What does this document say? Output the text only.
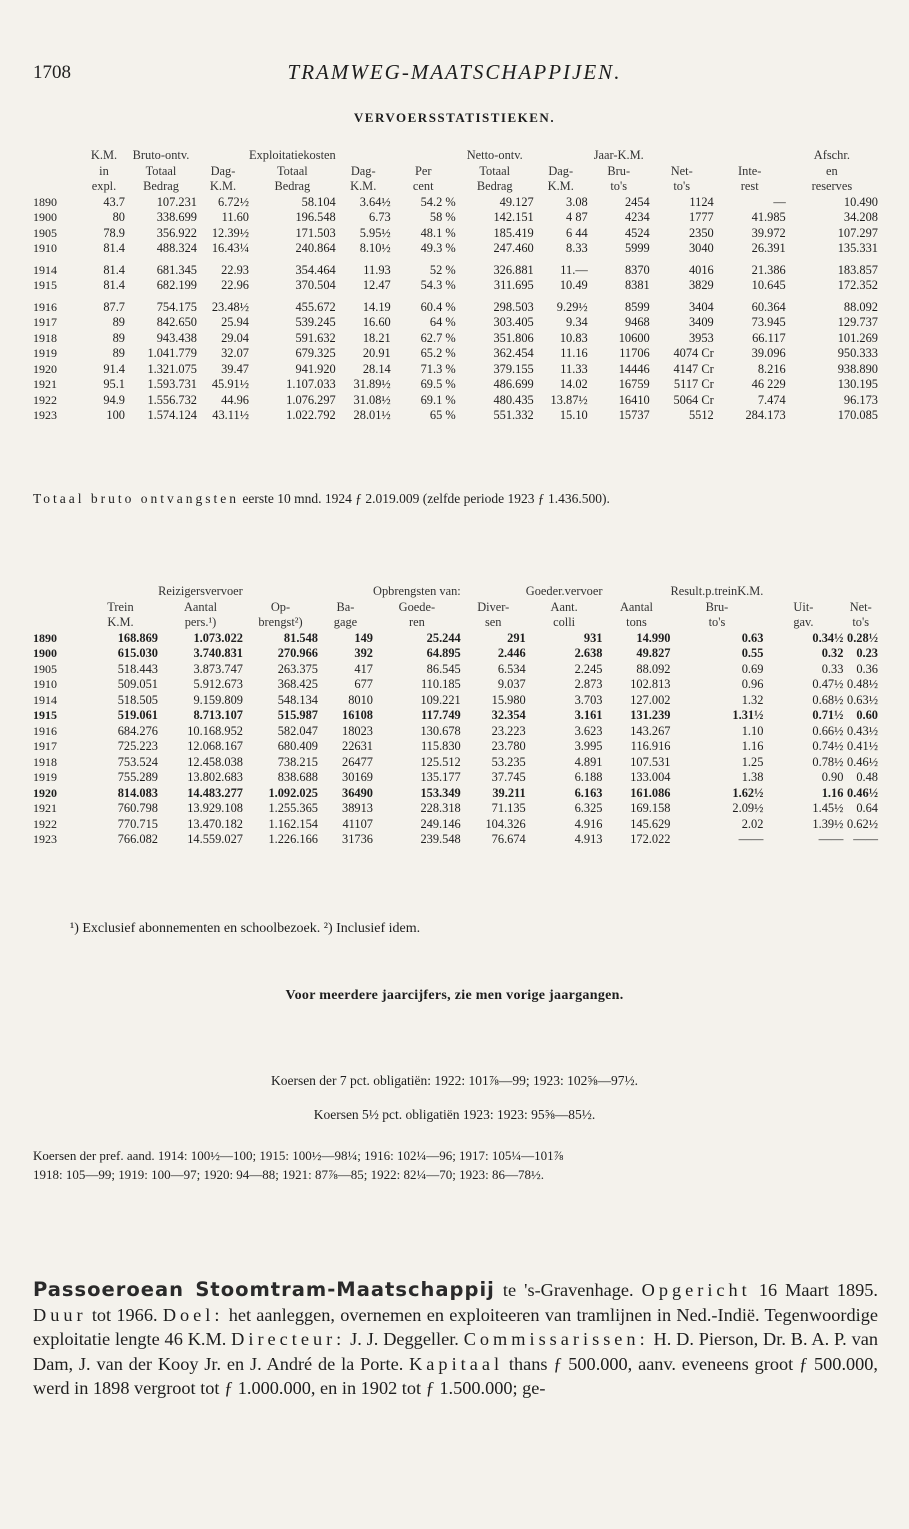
1708	TRAMWEG-MAATSCHAPPIJEN.
VERVOERSSTATISTIEKEN.
	K.M.	Bruto-ontv.		Exploitatiekosten			Netto-ontv.		Jaar-K.M.			Afschr.
	in	Totaal	Dag-	Totaal	Dag-	Per	Totaal	Dag-	Bru-	Net-	Inte-	en
	expl.	Bedrag	K.M.	Bedrag	K.M.	cent	Bedrag	K.M.	to's	to's	rest	reserves
1890	43.7	107.231	6.72½	58.104	3.64½	54.2 %	49.127	3.08	2454	1124	—	10.490
1900	80	338.699	11.60	196.548	6.73	58 %	142.151	4 87	4234	1777	41.985	34.208
1905	78.9	356.922	12.39½	171.503	5.95½	48.1 %	185.419	6 44	4524	2350	39.972	107.297
1910	81.4	488.324	16.43¼	240.864	8.10½	49.3 %	247.460	8.33	5999	3040	26.391	135.331
1914	81.4	681.345	22.93	354.464	11.93	52 %	326.881	11.—	8370	4016	21.386	183.857
1915	81.4	682.199	22.96	370.504	12.47	54.3 %	311.695	10.49	8381	3829	10.645	172.352
1916	87.7	754.175	23.48½	455.672	14.19	60.4 %	298.503	9.29½	8599	3404	60.364	88.092
1917	89	842.650	25.94	539.245	16.60	64 %	303.405	9.34	9468	3409	73.945	129.737
1918	89	943.438	29.04	591.632	18.21	62.7 %	351.806	10.83	10600	3953	66.117	101.269
1919	89	1.041.779	32.07	679.325	20.91	65.2 %	362.454	11.16	11706	4074 Cr	39.096	950.333
1920	91.4	1.321.075	39.47	941.920	28.14	71.3 %	379.155	11.33	14446	4147 Cr	8.216	938.890
1921	95.1	1.593.731	45.91½	1.107.033	31.89½	69.5 %	486.699	14.02	16759	5117 Cr	46 229	130.195
1922	94.9	1.556.732	44.96	1.076.297	31.08½	69.1 %	480.435	13.87½	16410	5064 Cr	7.474	96.173
1923	100	1.574.124	43.11½	1.022.792	28.01½	65 %	551.332	15.10	15737	5512	284.173	170.085
Totaal bruto ontvangsten eerste 10 mnd. 1924 ƒ 2.019.009 (zelfde periode 1923 ƒ 1.436.500).
		Reizigersvervoer			Opbrengsten van:		Goeder.vervoer		Result.p.treinK.M.		
	Trein	Aantal	Op-	Ba-	Goede-	Diver-	Aant.	Aantal	Bru-	Uit-	Net-
	K.M.	pers.¹)	brengst²)	gage	ren	sen	colli	tons	to's	gav.	to's
1890	168.869	1.073.022	81.548	149	25.244	291	931	14.990	0.63	0.34½	0.28½
1900	615.030	3.740.831	270.966	392	64.895	2.446	2.638	49.827	0.55	0.32	0.23
1905	518.443	3.873.747	263.375	417	86.545	6.534	2.245	88.092	0.69	0.33	0.36
1910	509.051	5.912.673	368.425	677	110.185	9.037	2.873	102.813	0.96	0.47½	0.48½
1914	518.505	9.159.809	548.134	8010	109.221	15.980	3.703	127.002	1.32	0.68½	0.63½
1915	519.061	8.713.107	515.987	16108	117.749	32.354	3.161	131.239	1.31½	0.71½	0.60
1916	684.276	10.168.952	582.047	18023	130.678	23.223	3.623	143.267	1.10	0.66½	0.43½
1917	725.223	12.068.167	680.409	22631	115.830	23.780	3.995	116.916	1.16	0.74½	0.41½
1918	753.524	12.458.038	738.215	26477	125.512	53.235	4.891	107.531	1.25	0.78½	0.46½
1919	755.289	13.802.683	838.688	30169	135.177	37.745	6.188	133.004	1.38	0.90	0.48
1920	814.083	14.483.277	1.092.025	36490	153.349	39.211	6.163	161.086	1.62½	1.16	0.46½
1921	760.798	13.929.108	1.255.365	38913	228.318	71.135	6.325	169.158	2.09½	1.45½	0.64
1922	770.715	13.470.182	1.162.154	41107	249.146	104.326	4.916	145.629	2.02	1.39½	0.62½
1923	766.082	14.559.027	1.226.166	31736	239.548	76.674	4.913	172.022	——	——	——
¹) Exclusief abonnementen en schoolbezoek. ²) Inclusief idem.
Voor meerdere jaarcijfers, zie men vorige jaargangen.
Koersen der 7 pct. obligatiën: 1922: 101⅞—99; 1923: 102⅝—97½.
Koersen 5½ pct. obligatiën 1923: 1923: 95⅝—85½.
Koersen der pref. aand. 1914: 100½—100; 1915: 100½—98¼; 1916: 102¼—96; 1917: 105¼—101⅞
1918: 105—99; 1919: 100—97; 1920: 94—88; 1921: 87⅞—85; 1922: 82¼—70; 1923: 86—78½.
Passoeroean Stoomtram-Maatschappij te 's-Gravenhage. Opgericht 16 Maart 1895. Duur tot 1966. Doel: het aanleggen, overnemen en exploiteeren van tramlijnen in Ned.-Indië. Tegenwoordige exploitatie lengte 46 K.M. Directeur: J. J. Deggeller. Commissarissen: H. D. Pierson, Dr. B. A. P. van Dam, J. van der Kooy Jr. en J. André de la Porte. Kapitaal thans ƒ 500.000, aanv. eveneens groot ƒ 500.000, werd in 1898 vergroot tot ƒ 1.000.000, en in 1902 tot ƒ 1.500.000; ge-
